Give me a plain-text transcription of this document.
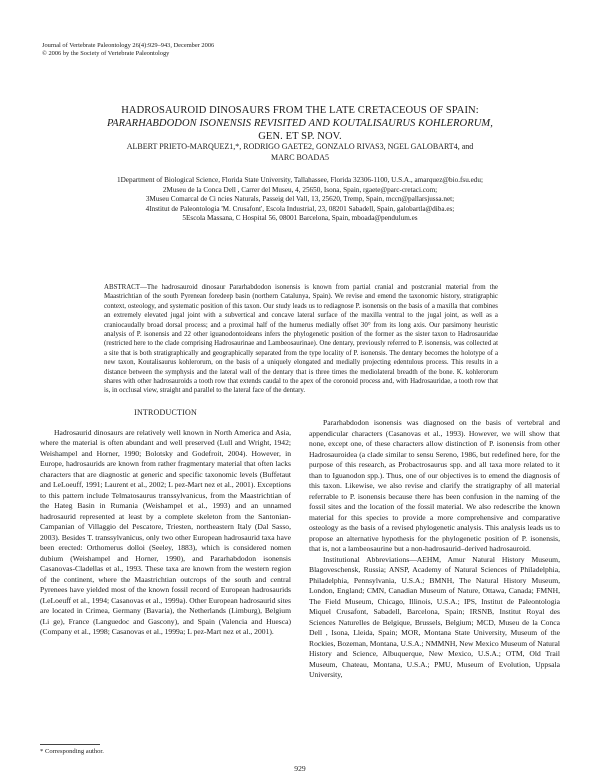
Journal of Vertebrate Paleontology 26(4):929–943, December 2006
© 2006 by the Society of Vertebrate Paleontology
HADROSAUROID DINOSAURS FROM THE LATE CRETACEOUS OF SPAIN:
PARARHABDODON ISONENSIS REVISITED AND KOUTALISAURUS KOHLERORUM,
GEN. ET SP. NOV.
ALBERT PRIETO-MARQUEZ1,*, RODRIGO GAETE2, GONZALO RIVAS3, NGEL GALOBART4, and
MARC BOADA5
1Department of Biological Science, Florida State University, Tallahassee, Florida 32306-1100, U.S.A., amarquez@bio.fsu.edu;
2Museu de la Conca Dell , Carrer del Museu, 4, 25650, Isona, Spain, rgaete@parc-cretaci.com;
3Museu Comarcal de Ci ncies Naturals, Passeig del Vall, 13, 25620, Tremp, Spain, mccn@pallarsjussa.net;
4Institut de Paleontologia 'M. Crusafont', Escola Industrial, 23, 08201 Sabadell, Spain, galobartla@diba.es;
5Escola Massana, C Hospital 56, 08001 Barcelona, Spain, mboada@pendulum.es

ABSTRACT—The hadrosauroid dinosaur Pararhabdodon isonensis is known from partial cranial and postcranial material from the Maastrichtian of the south Pyrenean foredeep basin (northern Catalunya, Spain). We revise and emend the taxonomic history, stratigraphic context, osteology, and systematic position of this taxon. Our study leads us to rediagnose P. isonensis on the basis of a maxilla that combines an extremely elevated jugal joint with a subvertical and concave lateral surface of the maxilla ventral to the jugal joint, as well as a craniocaudally broad dorsal process; and a proximal half of the humerus medially offset 30° from its long axis. Our parsimony heuristic analysis of P. isonensis and 22 other iguanodontoideans infers the phylogenetic position of the former as the sister taxon to Hadrosauridae (restricted here to the clade comprising Hadrosaurinae and Lambeosaurinae). One dentary, previously referred to P. isonensis, was collected at a site that is both stratigraphically and geographically separated from the type locality of P. isonensis. The dentary becomes the holotype of a new taxon, Koutalisaurus kohlerorum, on the basis of a uniquely elongated and medially projecting edentulous process. This results in a distance between the symphysis and the lateral wall of the dentary that is three times the mediolateral breadth of the bone. K. kohlerorum shares with other hadrosauroids a tooth row that extends caudal to the apex of the coronoid process and, with Hadrosauridae, a tooth row that is, in occlusal view, straight and parallel to the lateral face of the dentary.

INTRODUCTION

Hadrosaurid dinosaurs are relatively well known in North America and Asia, where the material is often abundant and well preserved (Lull and Wright, 1942; Weishampel and Horner, 1990; Bolotsky and Godefroit, 2004). However, in Europe, hadrosaurids are known from rather fragmentary material that often lacks characters that are diagnostic at generic and specific taxonomic levels (Buffetaut and LeLoeuff, 1991; Laurent et al., 2002; L pez-Mart nez et al., 2001). Exceptions to this pattern include Telmatosaurus transsylvanicus, from the Maastrichtian of the Hateg Basin in Rumania (Weishampel et al., 1993) and an unnamed hadrosaurid represented at least by a complete skeleton from the Santonian-Campanian of Villaggio del Pescatore, Triesten, northeastern Italy (Dal Sasso, 2003). Besides T. transsylvanicus, only two other European hadrosaurid taxa have been erected: Orthomerus dolloi (Seeley, 1883), which is considered nomen dubium (Weishampel and Horner, 1990), and Pararhabdodon isonensis Casanovas-Cladellas et al., 1993. These taxa are known from the western region of the continent, where the Maastrichtian outcrops of the south and central Pyrenees have yielded most of the known fossil record of European hadrosaurids (LeLoeuff et al., 1994; Casanovas et al., 1999a). Other European hadrosaurid sites are located in Crimea, Germany (Bavaria), the Netherlands (Limburg), Belgium (Li ge), France (Languedoc and Gascony), and Spain (Valencia and Huesca) (Company et al., 1998; Casanovas et al., 1999a; L pez-Mart nez et al., 2001).

Pararhabdodon isonensis was diagnosed on the basis of vertebral and appendicular characters (Casanovas et al., 1993). However, we will show that none, except one, of these characters allow distinction of P. isonensis from other Hadrosauroidea (a clade similar to sensu Sereno, 1986, but redefined here, for the purpose of this research, as Probactrosaurus spp. and all taxa more related to it than to Iguanodon spp.). Thus, one of our objectives is to emend the diagnosis of this taxon. Likewise, we also revise and clarify the stratigraphy of all material referrable to P. isonensis because there has been confusion in the naming of the fossil sites and the location of the fossil material. We also redescribe the known material for this species to provide a more comprehensive and comparative osteology as the basis of a revised phylogenetic analysis. This analysis leads us to propose an alternative hypothesis for the phylogenetic position of P. isonensis, that is, not a lambeosaurine but a non-hadrosaurid–derived hadrosauroid.

Institutional Abbreviations—AEHM, Amur Natural History Museum, Blagoveschensk, Russia; ANSP, Academy of Natural Sciences of Philadelphia, Philadelphia, Pennsylvania, U.S.A.; BMNH, The Natural History Museum, London, England; CMN, Canadian Museum of Nature, Ottawa, Canada; FMNH, The Field Museum, Chicago, Illinois, U.S.A.; IPS, Institut de Paleontologia Miquel Crusafont, Sabadell, Barcelona, Spain; IRSNB, Institut Royal des Sciences Naturelles de Belgique, Brussels, Belgium; MCD, Museu de la Conca Dell , Isona, Lleida, Spain; MOR, Montana State University, Museum of the Rockies, Bozeman, Montana, U.S.A.; NMMNH, New Mexico Museum of Natural History and Science, Albuquerque, New Mexico, U.S.A.; OTM, Old Trail Museum, Chateau, Montana, U.S.A.; PMU, Museum of Evolution, Uppsala University,

* Corresponding author.
929
